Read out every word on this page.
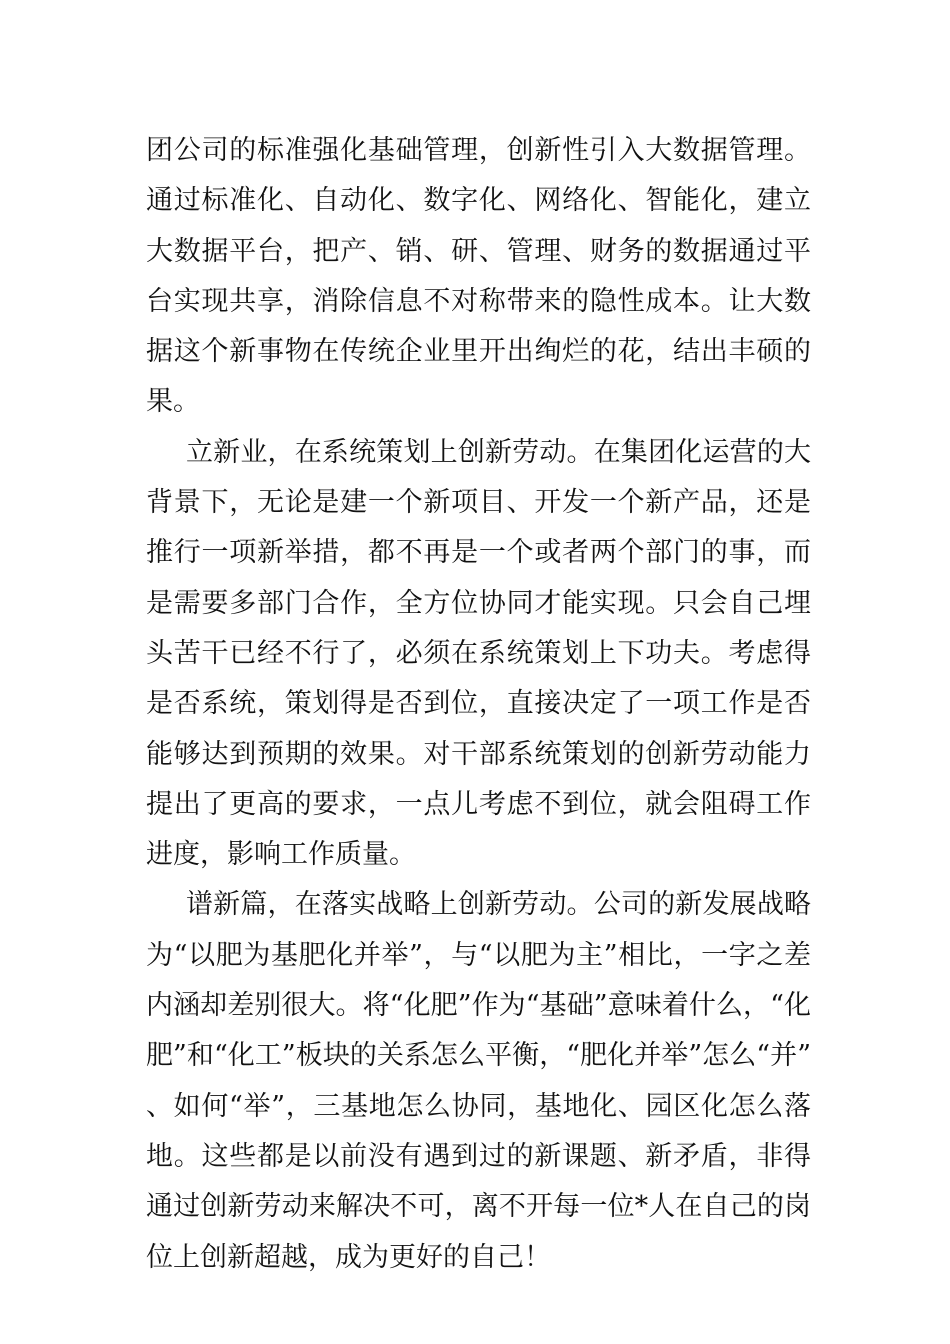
团公司的标准强化基础管理，创新性引入大数据管理。通过标准化、自动化、数字化、网络化、智能化，建立大数据平台，把产、销、研、管理、财务的数据通过平台实现共享，消除信息不对称带来的隐性成本。让大数据这个新事物在传统企业里开出绚烂的花，结出丰硕的果。

立新业，在系统策划上创新劳动。在集团化运营的大背景下，无论是建一个新项目、开发一个新产品，还是推行一项新举措，都不再是一个或者两个部门的事，而是需要多部门合作，全方位协同才能实现。只会自己埋头苦干已经不行了，必须在系统策划上下功夫。考虑得是否系统，策划得是否到位，直接决定了一项工作是否能够达到预期的效果。对干部系统策划的创新劳动能力提出了更高的要求，一点儿考虑不到位，就会阻碍工作进度，影响工作质量。

谱新篇，在落实战略上创新劳动。公司的新发展战略为“以肥为基肥化并举”，与“以肥为主”相比，一字之差内涵却差别很大。将“化肥”作为“基础”意味着什么，“化肥”和“化工”板块的关系怎么平衡，“肥化并举”怎么“并”、如何“举”，三基地怎么协同，基地化、园区化怎么落地。这些都是以前没有遇到过的新课题、新矛盾，非得通过创新劳动来解决不可，离不开每一位*人在自己的岗位上创新超越，成为更好的自己！
